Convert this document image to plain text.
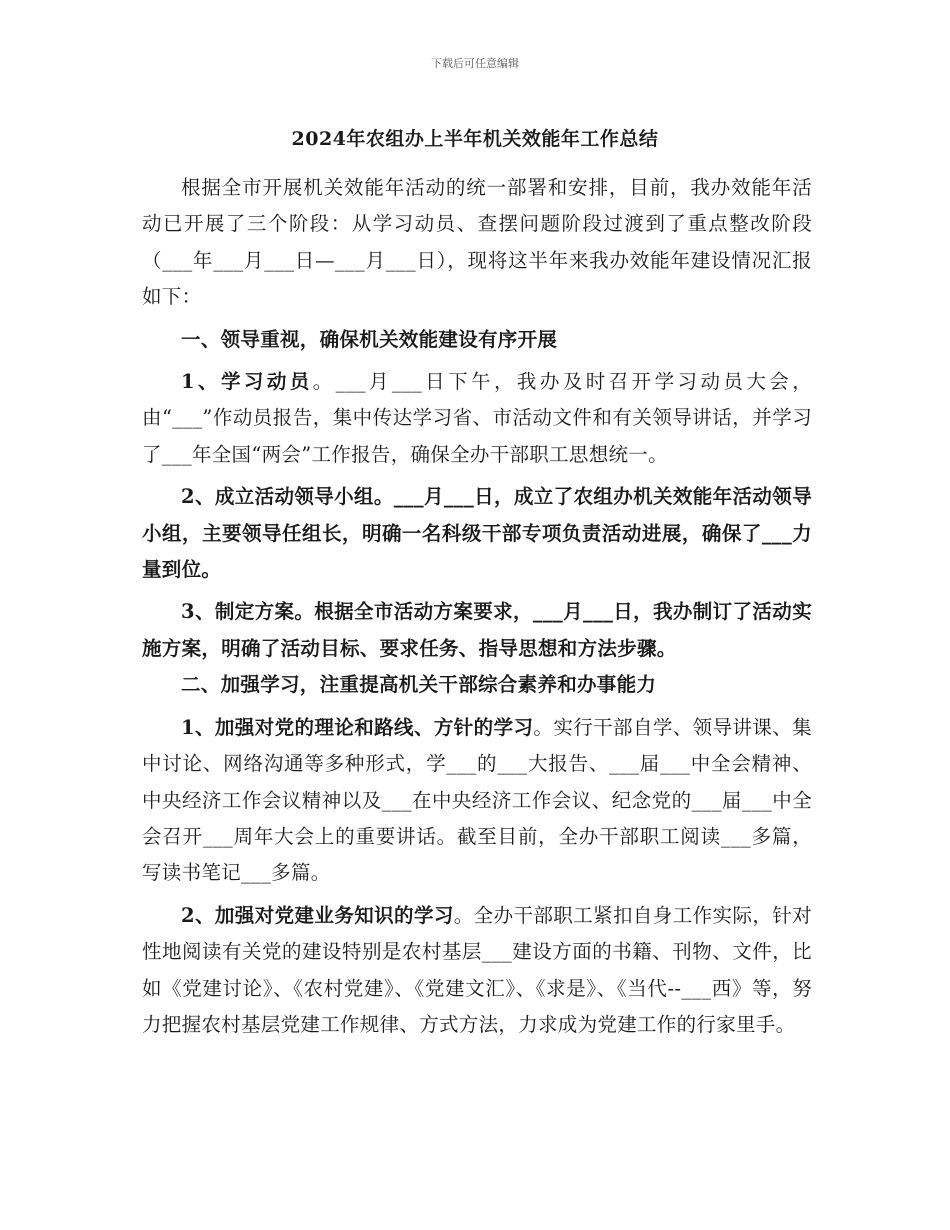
下载后可任意编辑
2024年农组办上半年机关效能年工作总结

根据全市开展机关效能年活动的统一部署和安排，目前，我办效能年活动已开展了三个阶段：从学习动员、查摆问题阶段过渡到了重点整改阶段（___年___月___日—___月___日），现将这半年来我办效能年建设情况汇报如下：

一、领导重视，确保机关效能建设有序开展

1、学习动员。___月___日下午，我办及时召开学习动员大会，由“___”作动员报告，集中传达学习省、市活动文件和有关领导讲话，并学习了___年全国“两会”工作报告，确保全办干部职工思想统一。

2、成立活动领导小组。___月___日，成立了农组办机关效能年活动领导小组，主要领导任组长，明确一名科级干部专项负责活动进展，确保了___力量到位。

3、制定方案。根据全市活动方案要求，___月___日，我办制订了活动实施方案，明确了活动目标、要求任务、指导思想和方法步骤。

二、加强学习，注重提高机关干部综合素养和办事能力

1、加强对党的理论和路线、方针的学习。实行干部自学、领导讲课、集中讨论、网络沟通等多种形式，学___的___大报告、___届___中全会精神、中央经济工作会议精神以及___在中央经济工作会议、纪念党的___届___中全会召开___周年大会上的重要讲话。截至目前，全办干部职工阅读___多篇，写读书笔记___多篇。

2、加强对党建业务知识的学习。全办干部职工紧扣自身工作实际，针对性地阅读有关党的建设特别是农村基层___建设方面的书籍、刊物、文件，比如《党建讨论》、《农村党建》、《党建文汇》、《求是》、《当代--___西》等，努力把握农村基层党建工作规律、方式方法，力求成为党建工作的行家里手。
